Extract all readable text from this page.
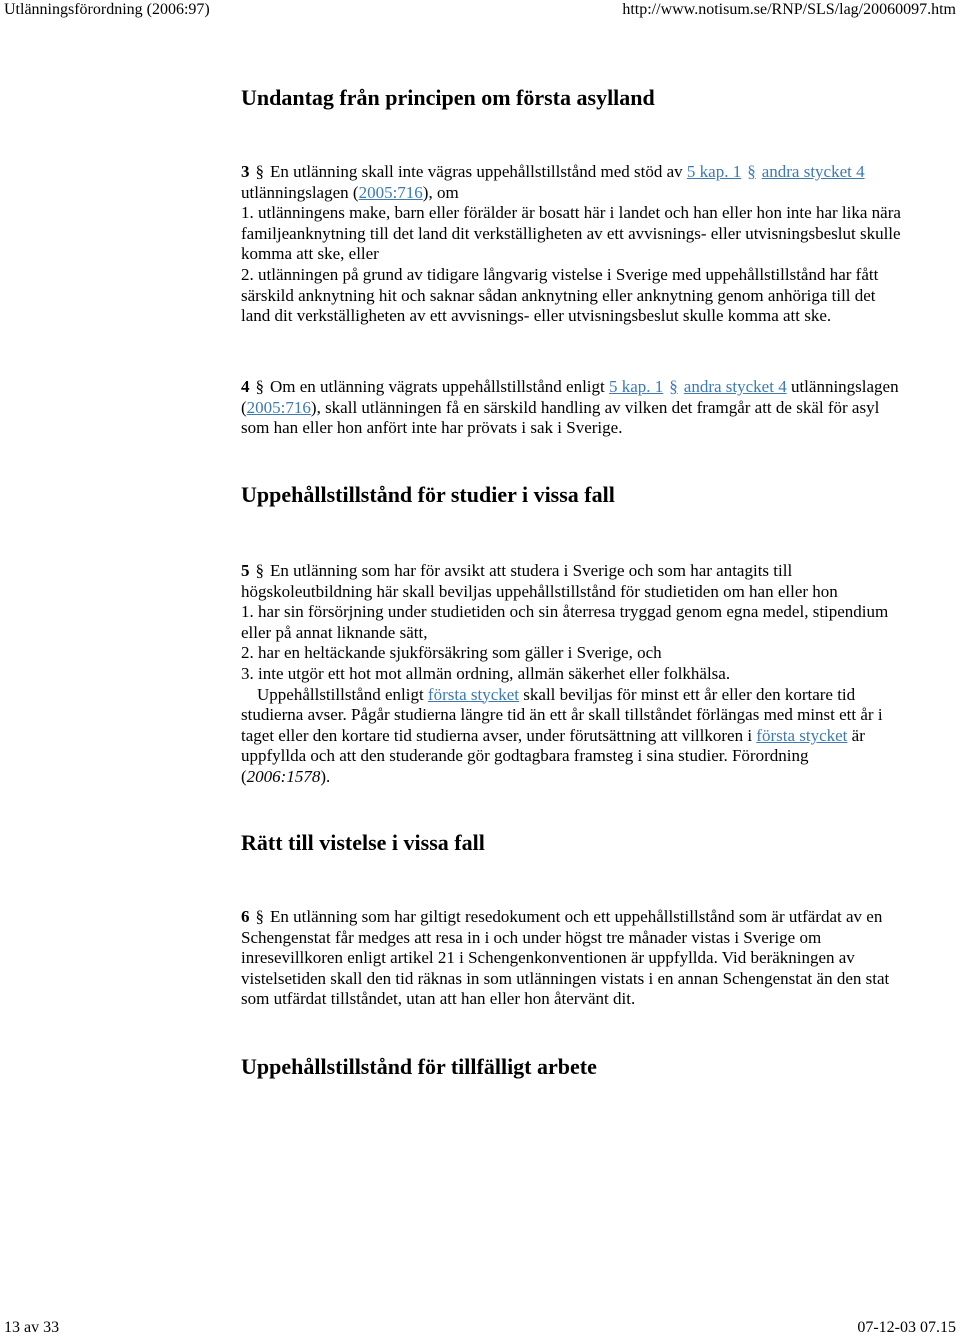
Utlänningsförordning (2006:97)	http://www.notisum.se/RNP/SLS/lag/20060097.htm
Undantag från principen om första asylland
3 § En utlänning skall inte vägras uppehållstillstånd med stöd av 5 kap. 1 § andra stycket 4 utlänningslagen (2005:716), om
1. utlänningens make, barn eller förälder är bosatt här i landet och han eller hon inte har lika nära familjeanknytning till det land dit verkställigheten av ett avvisnings- eller utvisningsbeslut skulle komma att ske, eller
2. utlänningen på grund av tidigare långvarig vistelse i Sverige med uppehållstillstånd har fått särskild anknytning hit och saknar sådan anknytning eller anknytning genom anhöriga till det land dit verkställigheten av ett avvisnings- eller utvisningsbeslut skulle komma att ske.
4 § Om en utlänning vägrats uppehållstillstånd enligt 5 kap. 1 § andra stycket 4 utlänningslagen (2005:716), skall utlänningen få en särskild handling av vilken det framgår att de skäl för asyl som han eller hon anfört inte har prövats i sak i Sverige.
Uppehållstillstånd för studier i vissa fall
5 § En utlänning som har för avsikt att studera i Sverige och som har antagits till högskoleutbildning här skall beviljas uppehållstillstånd för studietiden om han eller hon
1. har sin försörjning under studietiden och sin återresa tryggad genom egna medel, stipendium eller på annat liknande sätt,
2. har en heltäckande sjukförsäkring som gäller i Sverige, och
3. inte utgör ett hot mot allmän ordning, allmän säkerhet eller folkhälsa.
Uppehållstillstånd enligt första stycket skall beviljas för minst ett år eller den kortare tid studierna avser. Pågår studierna längre tid än ett år skall tillståndet förlängas med minst ett år i taget eller den kortare tid studierna avser, under förutsättning att villkoren i första stycket är uppfyllda och att den studerande gör godtagbara framsteg i sina studier. Förordning (2006:1578).
Rätt till vistelse i vissa fall
6 § En utlänning som har giltigt resedokument och ett uppehållstillstånd som är utfärdat av en Schengenstat får medges att resa in i och under högst tre månader vistas i Sverige om inresevillkoren enligt artikel 21 i Schengenkonventionen är uppfyllda. Vid beräkningen av vistelsetiden skall den tid räknas in som utlänningen vistats i en annan Schengenstat än den stat som utfärdat tillståndet, utan att han eller hon återvänt dit.
Uppehållstillstånd för tillfälligt arbete
13 av 33	07-12-03 07.15
